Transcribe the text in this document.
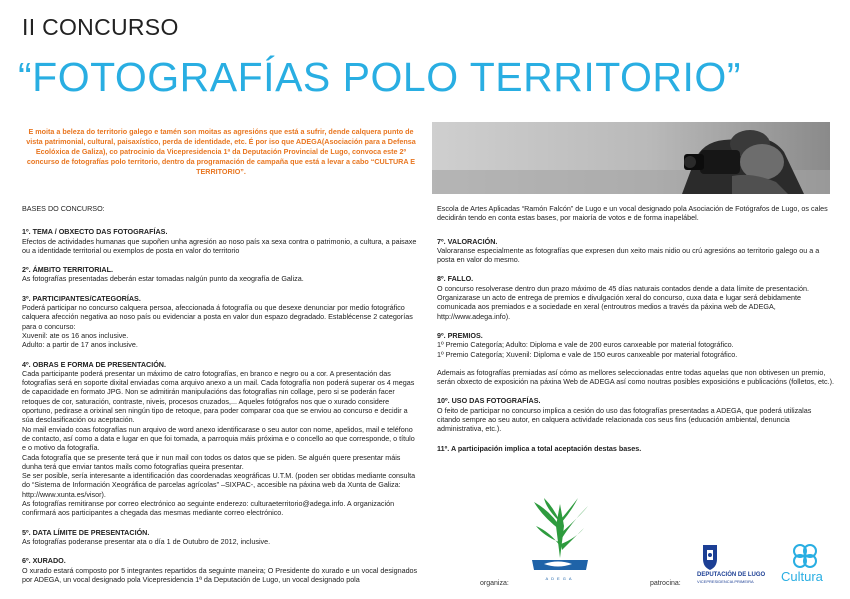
II CONCURSO
“FOTOGRAFÍAS POLO TERRITORIO”
E moita a beleza do territorio galego e tamén son moitas as agresións que está a sufrir, dende calquera punto de vista patrimonial, cultural, paisaxístico, perda de identidade, etc. É por iso que ADEGA(Asociación para a Defensa Ecolóxica de Galiza), co patrocinio da Vicepresidencia 1ª da Deputación Provincial de Lugo, convoca este 2º concurso de fotografías polo territorio, dentro da programación de campaña que está a levar a cabo “CULTURA E TERRITORIO”.
BASES DO CONCURSO:
1º. TEMA / OBXECTO DAS FOTOGRAFÍAS.
Efectos de actividades humanas que supoñen unha agresión ao noso país xa sexa contra o patrimonio, a cultura, a paisaxe ou a identidade territorial ou exemplos de posta en valor do territorio
2º. ÁMBITO TERRITORIAL.
As fotografías presentadas deberán estar tomadas nalgún punto da xeografía de Galiza.
3º. PARTICIPANTES/CATEGORÍAS.
Poderá participar no concurso calquera persoa, afeccionada á fotografía ou que desexe denunciar por medio fotográfico calquera afección negativa ao noso país ou evidenciar a posta en valor dun espazo degradado. Establécense 2 categorías para o concurso:
Xuvenil: ate os 16 anos inclusive.
Adulto: a partir de 17 anos inclusive.
4º. OBRAS E FORMA DE PRESENTACIÓN.
Cada participante poderá presentar un máximo de catro fotografías, en branco e negro ou a cor. A presentación das fotografías será en soporte dixital enviadas coma arquivo anexo a un mail. Cada fotografía non poderá superar os 4 megas de capacidade en formato JPG. Non se admitirán manipulacións das fotografías nin collage, pero si se poderán facer retoques de cor, saturación, contraste, niveis, procesos cruzados,... Aqueles fotógrafos nos que o xurado considere oportuno, pedirase a orixinal sen ningún tipo de retoque, para poder comparar coa que se enviou ao concurso e decidir a súa desclasificación ou aceptación.
No mail enviado coas fotografías nun arquivo de word anexo identificarase o seu autor con nome, apelidos, mail e teléfono de contacto, así como a data e lugar en que foi tomada, a parroquia máis próxima e o concello ao que corresponde, o título e o motivo da fotografía.
Cada fotografía que se presente terá que ir nun mail con todos os datos que se piden. Se alguén quere presentar máis dunha terá que enviar tantos mails como fotografías queira presentar.
Se ser posible, sería interesante a identificación das coordenadas xeográficas U.T.M. (poden ser obtidas mediante consulta do “Sistema de Información Xeográfica de parcelas agrícolas” –SIXPAC-, accesible na páxina web da Xunta de Galiza: http://www.xunta.es/visor).
As fotografías remitiranse por correo electrónico ao seguinte enderezo: culturaeterritorio@adega.info. A organización confirmará aos participantes a chegada das mesmas mediante correo electrónico.
5º. DATA LÍMITE DE PRESENTACIÓN.
As fotografías poderanse presentar ata o día 1 de Outubro de 2012, inclusive.
6º. XURADO.
O xurado estará composto por 5 integrantes repartidos da seguinte maneira; O Presidente do xurado e un vocal designados por ADEGA, un vocal designado pola Vicepresidencia 1ª da Deputación de Lugo, un vocal designado pola
Escola de Artes Aplicadas “Ramón Falcón” de Lugo e un vocal designado pola Asociación de Fotógrafos de Lugo, os cales decidirán tendo en conta estas bases, por maioría de votos e de forma inapelábel.
7º. VALORACIÓN.
Valoraranse especialmente as fotografías que expresen dun xeito mais nidio ou crú agresións ao territorio galego ou a a posta en valor do mesmo.
8º. FALLO.
O concurso resolverase dentro dun prazo máximo de 45 días naturais contados dende a data límite de presentación.
Organizarase un acto de entrega de premios e divulgación xeral do concurso, cuxa data e lugar será debidamente comunicada aos premiados e a sociedade en xeral (entroutros medios a través da páxina web de ADEGA, http://www.adega.info).
9º. PREMIOS.
1º Premio Categoría; Adulto: Diploma e vale de 200 euros canxeable por material fotográfico.
1º Premio Categoría; Xuvenil: Diploma e vale de 150 euros canxeable por material fotográfico.
Ademais as fotografías premiadas así cómo as mellores seleccionadas entre todas aquelas que non obtivesen un premio, serán obxecto de exposición na páxina Web de ADEGA así como noutras posibles exposicións e publicacións (folletos, etc.).
10º. USO DAS FOTOGRAFÍAS.
O feito de participar no concurso implica a cesión do uso das fotografías presentadas a ADEGA, que poderá utilizalas citando sempre ao seu autor, en calquera actividade relacionada cos seus fins (educación ambiental, denuncia administrativa, etc.).
11º. A participación implica a total aceptación destas bases.
ADEGA
organiza:	patrocina:
DEPUTACIÓN DE LUGO
VICEPRESIDENCIA PRIMEIRA Cultura
